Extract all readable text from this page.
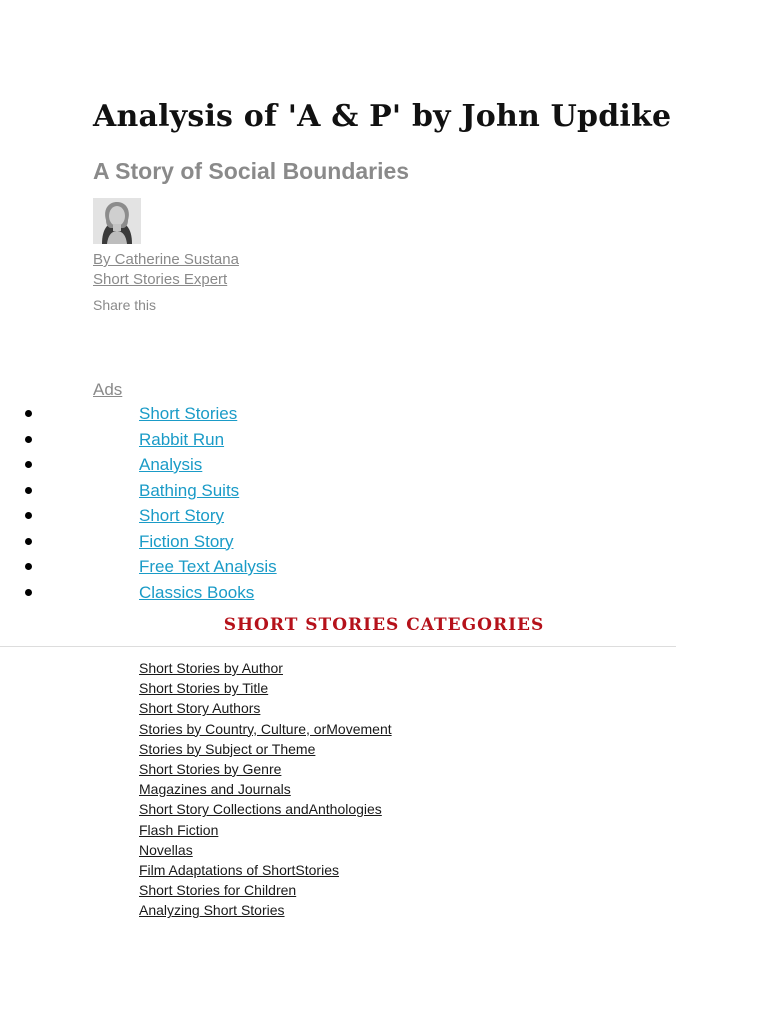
Analysis of 'A & P' by John Updike
A Story of Social Boundaries
By Catherine Sustana
Short Stories Expert
Share this
Ads
Short Stories
Rabbit Run
Analysis
Bathing Suits
Short Story
Fiction Story
Free Text Analysis
Classics Books
SHORT STORIES CATEGORIES
Short Stories by Author
Short Stories by Title
Short Story Authors
Stories by Country, Culture, orMovement
Stories by Subject or Theme
Short Stories by Genre
Magazines and Journals
Short Story Collections andAnthologies
Flash Fiction
Novellas
Film Adaptations of ShortStories
Short Stories for Children
Analyzing Short Stories
